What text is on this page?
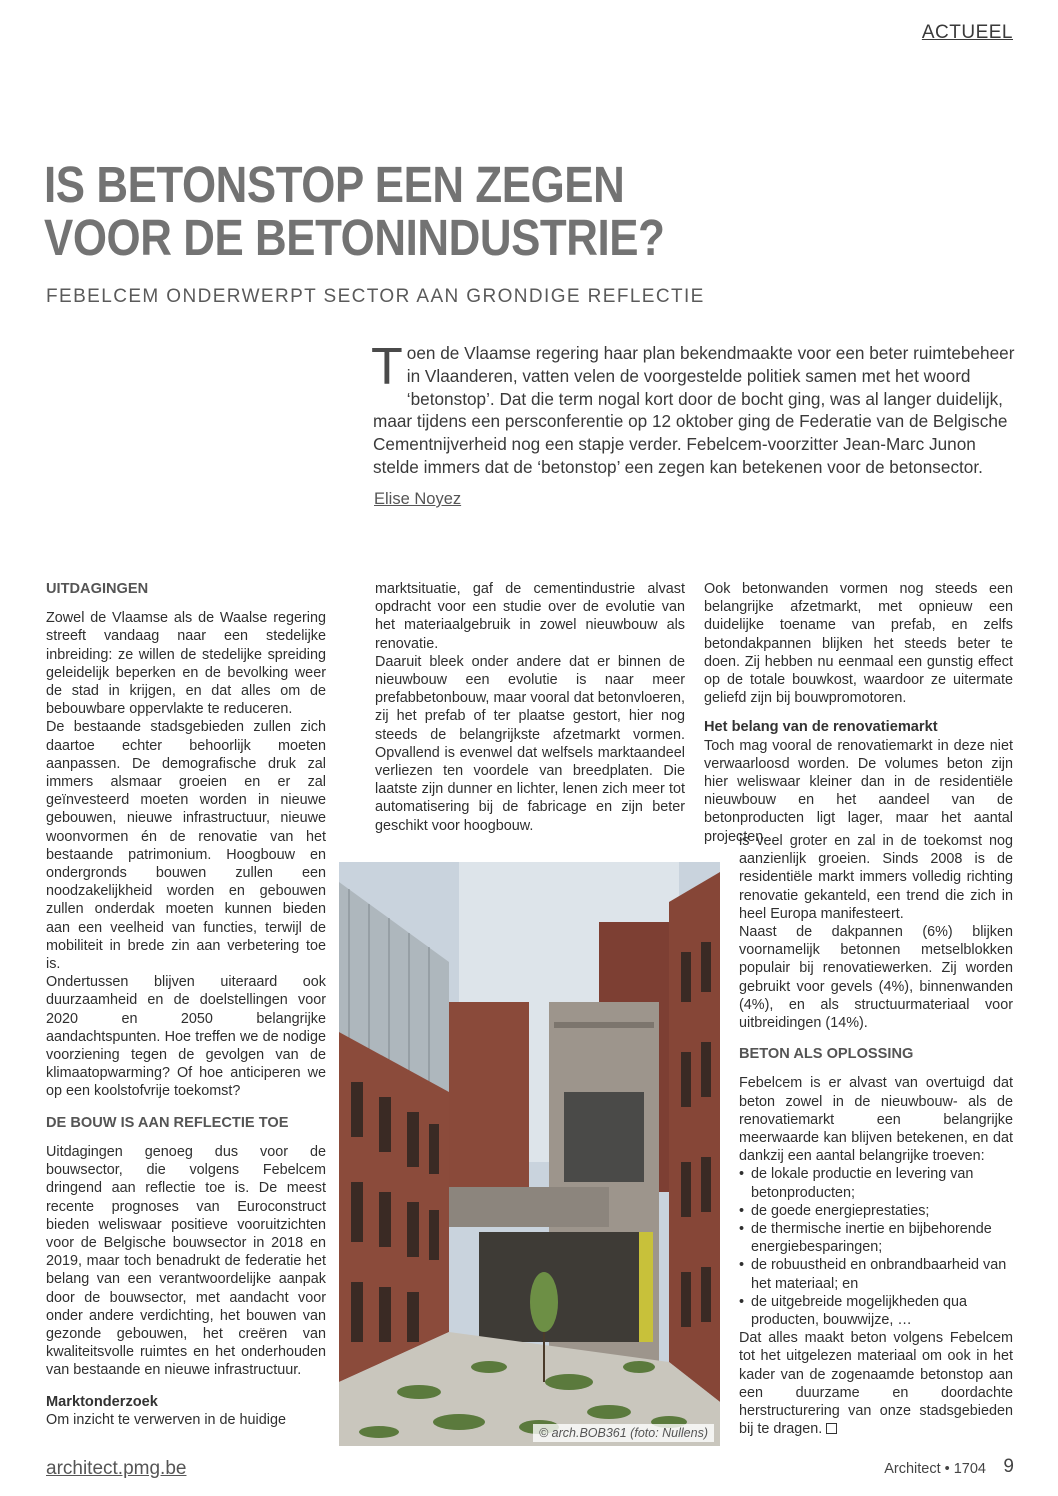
ACTUEEL
IS BETONSTOP EEN ZEGEN
VOOR DE BETONINDUSTRIE?
FEBELCEM ONDERWERPT SECTOR AAN GRONDIGE REFLECTIE

Toen de Vlaamse regering haar plan bekendmaakte voor een beter ruimtebeheer in Vlaanderen, vatten velen de voorgestelde politiek samen met het woord ‘betonstop’. Dat die term nogal kort door de bocht ging, was al langer duidelijk, maar tijdens een persconferentie op 12 oktober ging de Federatie van de Belgische Cementnijverheid nog een stapje verder. Febelcem-voorzitter Jean-Marc Junon stelde immers dat de ‘betonstop’ een zegen kan betekenen voor de betonsector.

Elise Noyez
UITDAGINGEN

Zowel de Vlaamse als de Waalse regering streeft vandaag naar een stedelijke inbreiding: ze willen de stedelijke spreiding geleidelijk beperken en de bevolking weer de stad in krijgen, en dat alles om de bebouwbare oppervlakte te reduceren.

De bestaande stadsgebieden zullen zich daartoe echter behoorlijk moeten aanpassen. De demografische druk zal immers alsmaar groeien en er zal geïnvesteerd moeten worden in nieuwe gebouwen, nieuwe infrastructuur, nieuwe woonvormen én de renovatie van het bestaande patrimonium. Hoogbouw en ondergronds bouwen zullen een noodzakelijkheid worden en gebouwen zullen onderdak moeten kunnen bieden aan een veelheid van functies, terwijl de mobiliteit in brede zin aan verbetering toe is.

Ondertussen blijven uiteraard ook duurzaamheid en de doelstellingen voor 2020 en 2050 belangrijke aandachtspunten. Hoe treffen we de nodige voorziening tegen de gevolgen van de klimaatopwarming? Of hoe anticiperen we op een koolstofvrije toekomst?

DE BOUW IS AAN REFLECTIE TOE

Uitdagingen genoeg dus voor de bouwsector, die volgens Febelcem dringend aan reflectie toe is. De meest recente prognoses van Euroconstruct bieden weliswaar positieve vooruitzichten voor de Belgische bouwsector in 2018 en 2019, maar toch benadrukt de federatie het belang van een verantwoordelijke aanpak door de bouwsector, met aandacht voor onder andere verdichting, het bouwen van gezonde gebouwen, het creëren van kwaliteitsvolle ruimtes en het onderhouden van bestaande en nieuwe infrastructuur.

Marktonderzoek

Om inzicht te verwerven in de huidige

marktsituatie, gaf de cementindustrie alvast opdracht voor een studie over de evolutie van het materiaalgebruik in zowel nieuwbouw als renovatie.

Daaruit bleek onder andere dat er binnen de nieuwbouw een evolutie is naar meer prefabbetonbouw, maar vooral dat betonvloeren, zij het prefab of ter plaatse gestort, hier nog steeds de belangrijkste afzetmarkt vormen. Opvallend is evenwel dat welfsels marktaandeel verliezen ten voordele van breedplaten. Die laatste zijn dunner en lichter, lenen zich meer tot automatisering bij de fabricage en zijn beter geschikt voor hoogbouw.

Ook betonwanden vormen nog steeds een belangrijke afzetmarkt, met opnieuw een duidelijke toename van prefab, en zelfs betondakpannen blijken het steeds beter te doen. Zij hebben nu eenmaal een gunstig effect op de totale bouwkost, waardoor ze uitermate geliefd zijn bij bouwpromotoren.

Het belang van de renovatiemarkt

Toch mag vooral de renovatiemarkt in deze niet verwaarloosd worden. De volumes beton zijn hier weliswaar kleiner dan in de residentiële nieuwbouw en het aandeel van de betonproducten ligt lager, maar het aantal projecten

is veel groter en zal in de toekomst nog aanzienlijk groeien. Sinds 2008 is de residentiële markt immers volledig richting renovatie gekanteld, een trend die zich in heel Europa manifesteert.

Naast de dakpannen (6%) blijken voornamelijk betonnen metselblokken populair bij renovatiewerken. Zij worden gebruikt voor gevels (4%), binnenwanden (4%), en als structuurmateriaal voor uitbreidingen (14%).

BETON ALS OPLOSSING

Febelcem is er alvast van overtuigd dat beton zowel in de nieuwbouw- als de renovatiemarkt een belangrijke meerwaarde kan blijven betekenen, en dat dankzij een aantal belangrijke troeven:

• de lokale productie en levering van betonproducten;
• de goede energieprestaties;
• de thermische inertie en bijbehorende energiebesparingen;
• de robuustheid en onbrandbaarheid van het materiaal; en
• de uitgebreide mogelijkheden qua producten, bouwwijze, …

Dat alles maakt beton volgens Febelcem tot het uitgelezen materiaal om ook in het kader van de zogenaamde betonstop aan een duurzame en doordachte herstructurering van onze stadsgebieden bij te dragen.

© arch.BOB361 (foto: Nullens)
architect.pmg.be	Architect • 1704 9
